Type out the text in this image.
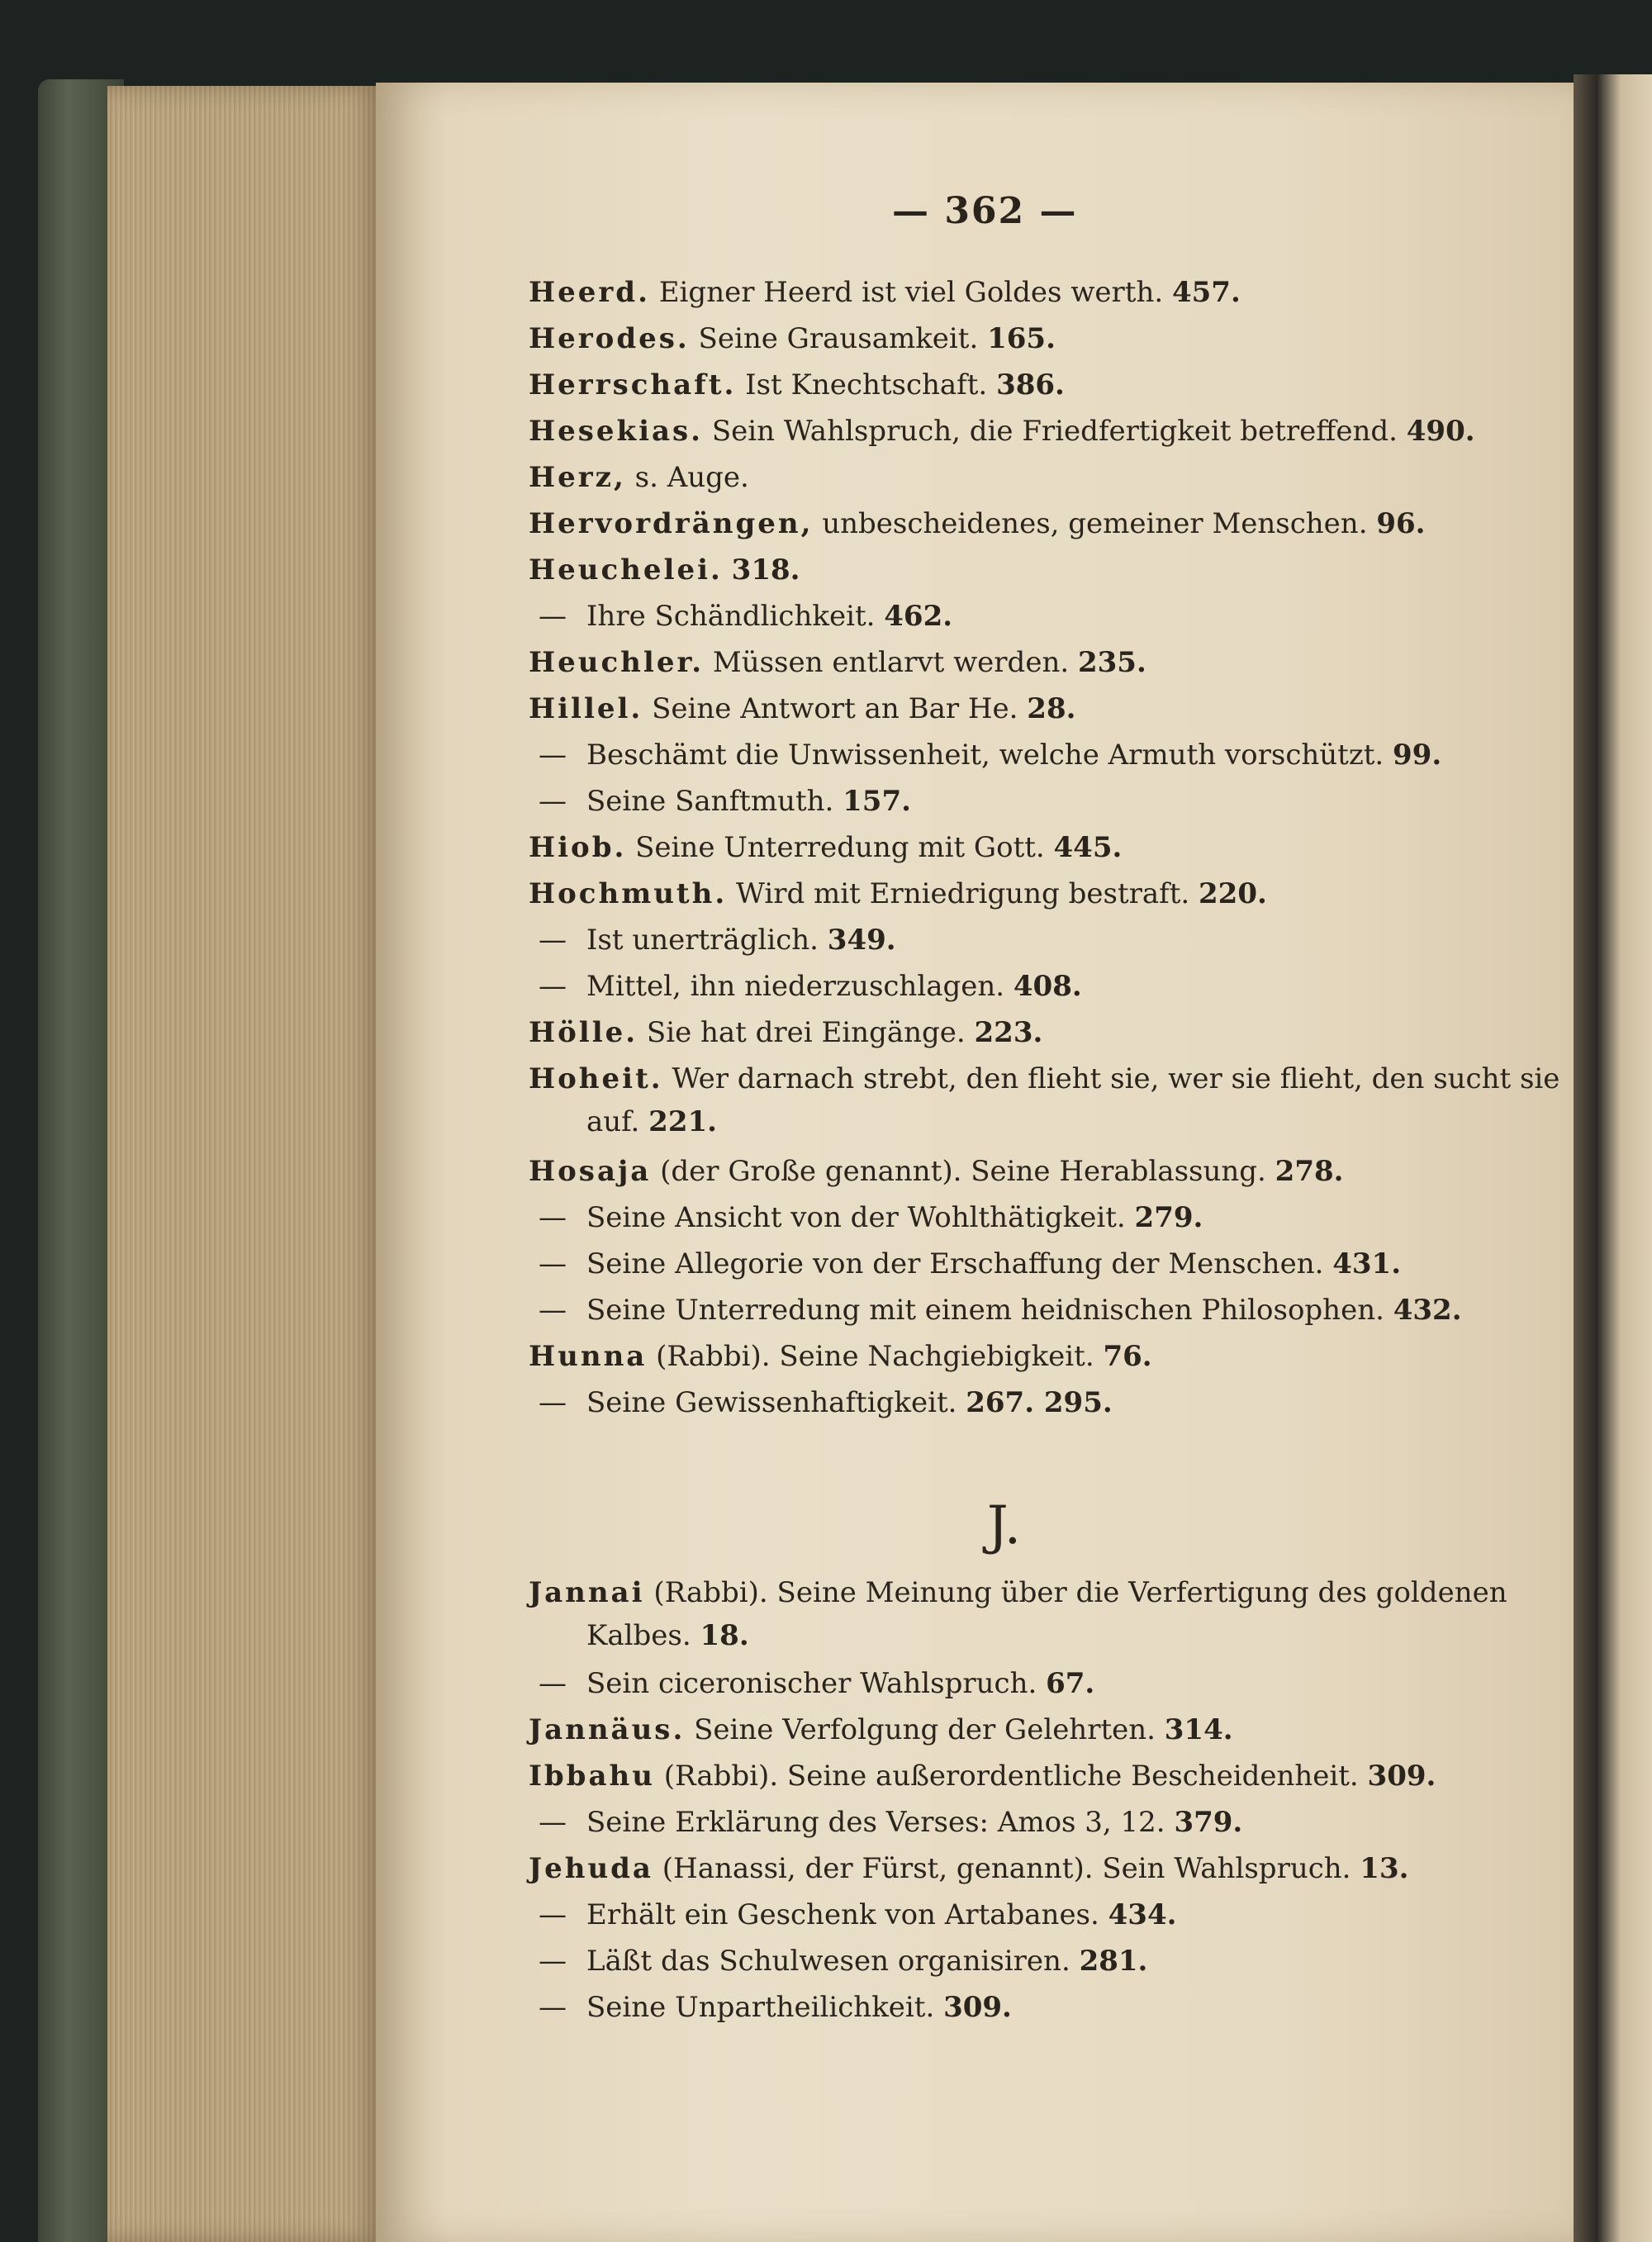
— 362 —

Heerd. Eigner Heerd ist viel Goldes werth. 457.

Herodes. Seine Grausamkeit. 165.

Herrschaft. Ist Knechtschaft. 386.

Hesekias. Sein Wahlspruch, die Friedfertigkeit betreffend. 490.

Herz, s. Auge.

Hervordrängen, unbescheidenes, gemeiner Menschen. 96.

Heuchelei. 318.

— Ihre Schändlichkeit. 462.

Heuchler. Müssen entlarvt werden. 235.

Hillel. Seine Antwort an Bar He. 28.

— Beschämt die Unwissenheit, welche Armuth vorschützt. 99.

— Seine Sanftmuth. 157.

Hiob. Seine Unterredung mit Gott. 445.

Hochmuth. Wird mit Erniedrigung bestraft. 220.

— Ist unerträglich. 349.

— Mittel, ihn niederzuschlagen. 408.

Hölle. Sie hat drei Eingänge. 223.

Hoheit. Wer darnach strebt, den flieht sie, wer sie flieht, den sucht sie auf. 221.

Hosaja (der Große genannt). Seine Herablassung. 278.

— Seine Ansicht von der Wohlthätigkeit. 279.

— Seine Allegorie von der Erschaffung der Menschen. 431.

— Seine Unterredung mit einem heidnischen Philosophen. 432.

Hunna (Rabbi). Seine Nachgiebigkeit. 76.

— Seine Gewissenhaftigkeit. 267. 295.

J.

Jannai (Rabbi). Seine Meinung über die Verfertigung des goldenen Kalbes. 18.

— Sein ciceronischer Wahlspruch. 67.

Jannäus. Seine Verfolgung der Gelehrten. 314.

Ibbahu (Rabbi). Seine außerordentliche Bescheidenheit. 309.

— Seine Erklärung des Verses: Amos 3, 12. 379.

Jehuda (Hanassi, der Fürst, genannt). Sein Wahlspruch. 13.

— Erhält ein Geschenk von Artabanes. 434.

— Läßt das Schulwesen organisiren. 281.

— Seine Unpartheilichkeit. 309.
